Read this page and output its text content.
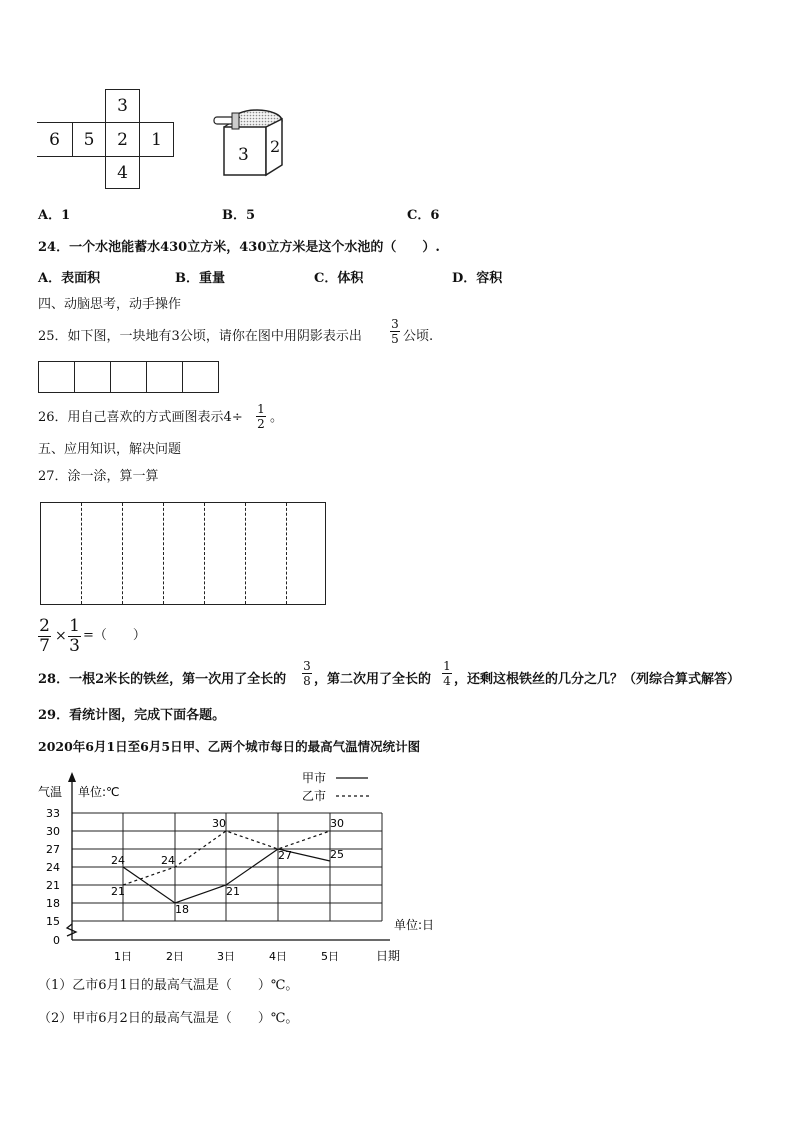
3
6	5	2	1
4
3 2
A．1	B．5	C．6
24．一个水池能蓄水430立方米，430立方米是这个水池的（　　）.
A．表面积	B．重量	C．体积	D．容积
四、动脑思考，动手操作
25．如下图，一块地有3公顷，请你在图中用阴影表示出
3
5 公顷.
26．用自己喜欢的方式画图表示4÷
1
2 。
五、应用知识，解决问题
27．涂一涂，算一算
2
7 × 1
3
=（　　）
28．一根2米长的铁丝，第一次用了全长的
3
8 ，第二次用了全长的
1
4 ，还剩这根铁丝的几分之几？（列综合算式解答）
29．看统计图，完成下面各题。
2020年6月1日至6月5日甲、乙两个城市每日的最高气温情况统计图
0
15
18
21
24
27
30
33
气温 单位:℃
单位:日
日期
1日	2日	3日	4日	5日
甲市
乙市
24
18
21
27	25
21
24
30	30
（1）乙市6月1日的最高气温是（　　）℃。
（2）甲市6月2日的最高气温是（　　）℃。
